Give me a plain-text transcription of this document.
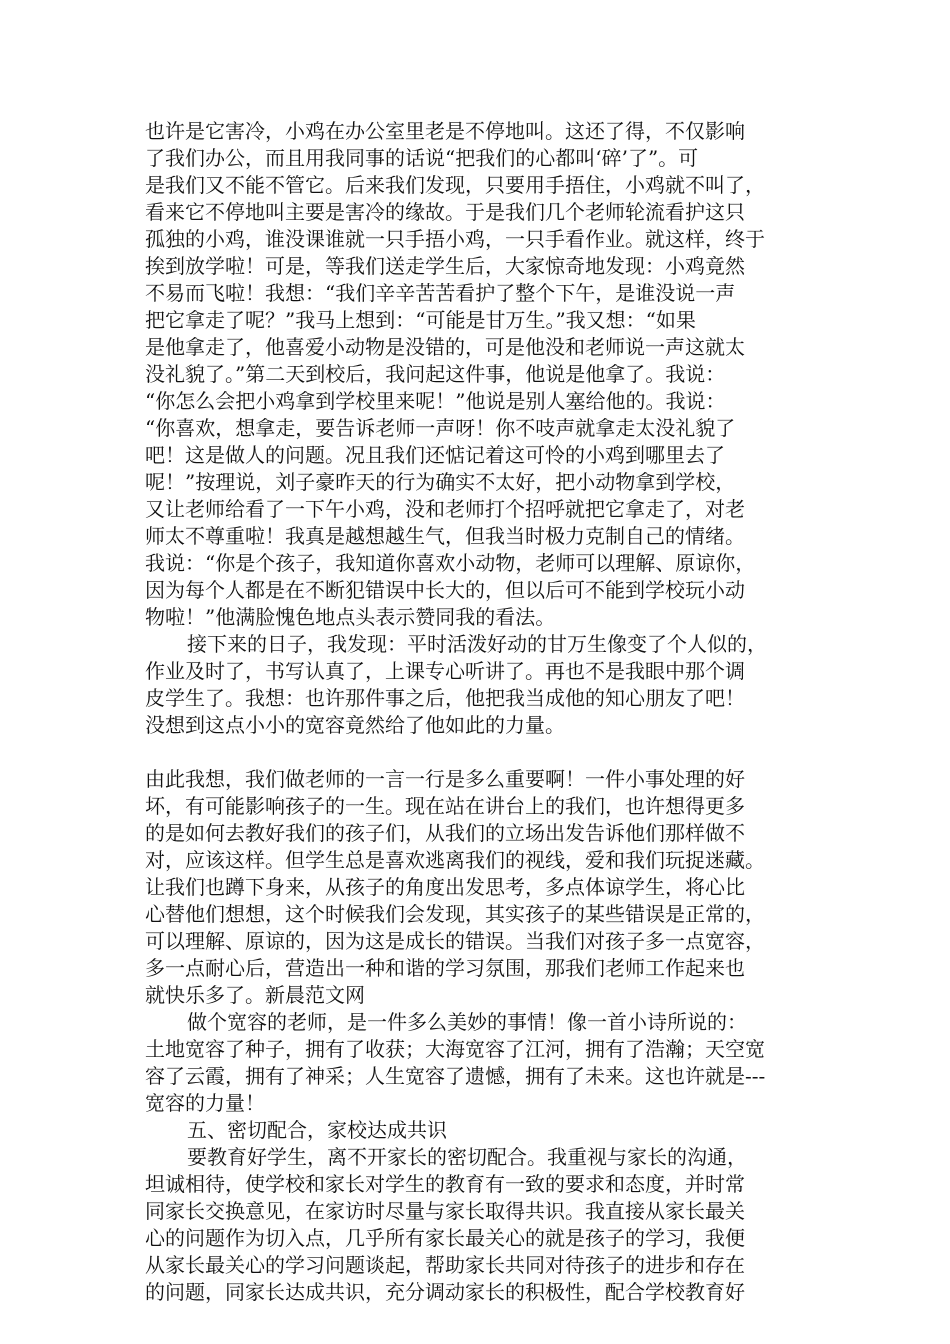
也许是它害冷，小鸡在办公室里老是不停地叫。这还了得，不仅影响
了我们办公，而且用我同事的话说“把我们的心都叫‘碎’了”。可
是我们又不能不管它。后来我们发现，只要用手捂住，小鸡就不叫了，
看来它不停地叫主要是害冷的缘故。于是我们几个老师轮流看护这只
孤独的小鸡，谁没课谁就一只手捂小鸡，一只手看作业。就这样，终于
挨到放学啦！可是，等我们送走学生后，大家惊奇地发现：小鸡竟然
不易而飞啦！我想：“我们辛辛苦苦看护了整个下午，是谁没说一声
把它拿走了呢？”我马上想到：“可能是甘万生。”我又想：“如果
是他拿走了，他喜爱小动物是没错的，可是他没和老师说一声这就太
没礼貌了。”第二天到校后，我问起这件事，他说是他拿了。我说：
“你怎么会把小鸡拿到学校里来呢！”他说是别人塞给他的。我说：
“你喜欢，想拿走，要告诉老师一声呀！你不吱声就拿走太没礼貌了
吧！这是做人的问题。况且我们还惦记着这可怜的小鸡到哪里去了
呢！”按理说，刘子豪昨天的行为确实不太好，把小动物拿到学校，
又让老师给看了一下午小鸡，没和老师打个招呼就把它拿走了，对老
师太不尊重啦！我真是越想越生气，但我当时极力克制自己的情绪。
我说：“你是个孩子，我知道你喜欢小动物，老师可以理解、原谅你，
因为每个人都是在不断犯错误中长大的，但以后可不能到学校玩小动
物啦！”他满脸愧色地点头表示赞同我的看法。
接下来的日子，我发现：平时活泼好动的甘万生像变了个人似的，
作业及时了，书写认真了，上课专心听讲了。再也不是我眼中那个调
皮学生了。我想：也许那件事之后，他把我当成他的知心朋友了吧！
没想到这点小小的宽容竟然给了他如此的力量。
由此我想，我们做老师的一言一行是多么重要啊！一件小事处理的好
坏，有可能影响孩子的一生。现在站在讲台上的我们，也许想得更多
的是如何去教好我们的孩子们，从我们的立场出发告诉他们那样做不
对，应该这样。但学生总是喜欢逃离我们的视线，爱和我们玩捉迷藏。
让我们也蹲下身来，从孩子的角度出发思考，多点体谅学生，将心比
心替他们想想，这个时候我们会发现，其实孩子的某些错误是正常的，
可以理解、原谅的，因为这是成长的错误。当我们对孩子多一点宽容，
多一点耐心后，营造出一种和谐的学习氛围，那我们老师工作起来也
就快乐多了。新晨范文网
做个宽容的老师，是一件多么美妙的事情！像一首小诗所说的：
土地宽容了种子，拥有了收获；大海宽容了江河，拥有了浩瀚；天空宽
容了云霞，拥有了神采；人生宽容了遗憾，拥有了未来。这也许就是---
宽容的力量！
五、密切配合，家校达成共识
要教育好学生，离不开家长的密切配合。我重视与家长的沟通，
坦诚相待，使学校和家长对学生的教育有一致的要求和态度，并时常
同家长交换意见，在家访时尽量与家长取得共识。我直接从家长最关
心的问题作为切入点，几乎所有家长最关心的就是孩子的学习，我便
从家长最关心的学习问题谈起，帮助家长共同对待孩子的进步和存在
的问题，同家长达成共识，充分调动家长的积极性，配合学校教育好
